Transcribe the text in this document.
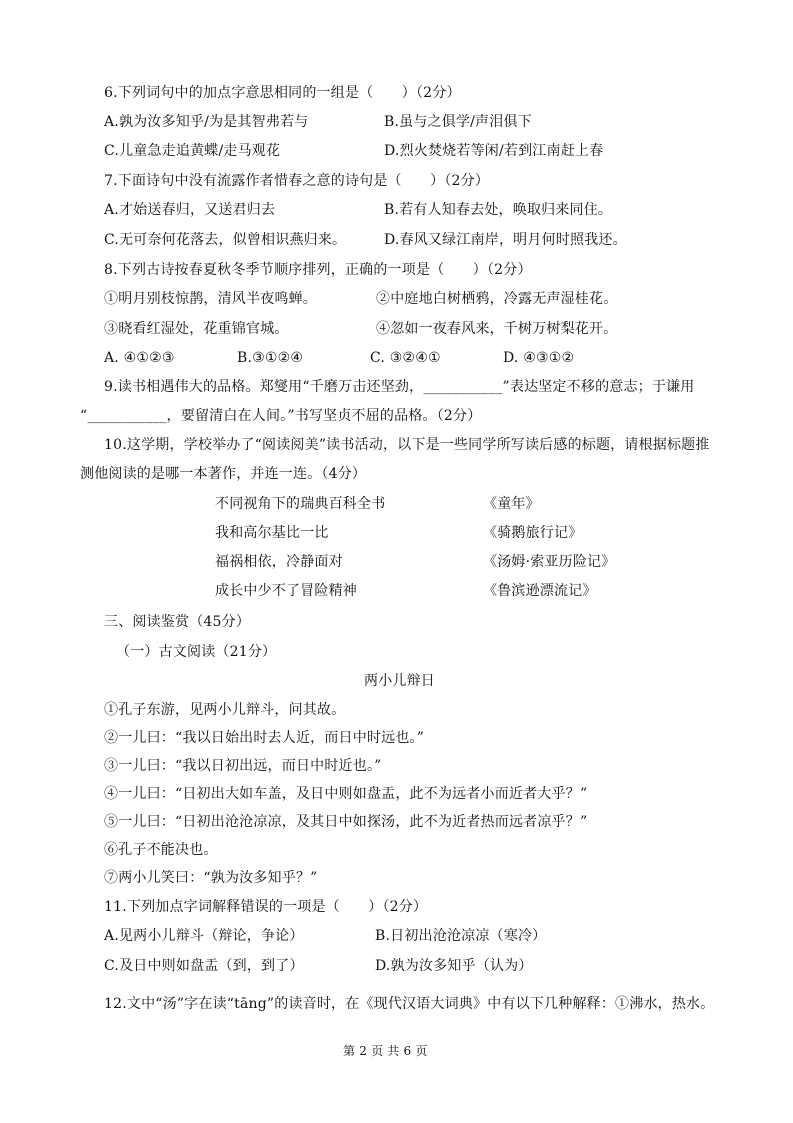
6.下列词句中的加点字意思相同的一组是（　　）（2分）
A.孰为汝多知乎/为是其智弗若与	B.虽与之俱学/声泪俱下
C.儿童急走追黄蝶/走马观花	D.烈火焚烧若等闲/若到江南赶上春
7.下面诗句中没有流露作者惜春之意的诗句是（　　）（2分）
A.才始送春归，又送君归去	B.若有人知春去处，唤取归来同住。
C.无可奈何花落去，似曾相识燕归来。	D.春风又绿江南岸，明月何时照我还。
8.下列古诗按春夏秋冬季节顺序排列，正确的一项是（　　）（2分）
①明月别枝惊鹊，清风半夜鸣蝉。	②中庭地白树栖鸦，冷露无声湿桂花。
③晓看红湿处，花重锦官城。	④忽如一夜春风来，千树万树梨花开。
A. ④①②③	B.③①②④	C. ③②④①	D. ④③①②
9.读书相遇伟大的品格。郑燮用“千磨万击还坚劲，___________”表达坚定不移的意志；于谦用
“___________，要留清白在人间。”书写坚贞不屈的品格。（2分）
10.这学期，学校举办了“阅读阅美”读书活动，以下是一些同学所写读后感的标题，请根据标题推
测他阅读的是哪一本著作，并连一连。（4分）
不同视角下的瑞典百科全书	《童年》
我和高尔基比一比	《骑鹅旅行记》
福祸相依，冷静面对	《汤姆·索亚历险记》
成长中少不了冒险精神	《鲁滨逊漂流记》
三、阅读鉴赏（45分）
（一）古文阅读（21分）
两小儿辩日
①孔子东游，见两小儿辩斗，问其故。
②一儿曰：“我以日始出时去人近，而日中时远也。”
③一儿曰：“我以日初出远，而日中时近也。”
④一儿曰：“日初出大如车盖，及日中则如盘盂，此不为远者小而近者大乎？”
⑤一儿曰：“日初出沧沧凉凉，及其日中如探汤，此不为近者热而远者凉乎？”
⑥孔子不能决也。
⑦两小儿笑曰：“孰为汝多知乎？”
11.下列加点字词解释错误的一项是（　　）（2分）
A.见两小儿辩斗（辩论，争论）	B.日初出沧沧凉凉（寒冷）
C.及日中则如盘盂（到，到了）	D.孰为汝多知乎（认为）
12.文中“汤”字在读“tāng”的读音时，在《现代汉语大词典》中有以下几种解释：①沸水，热水。
第 2 页 共 6 页
